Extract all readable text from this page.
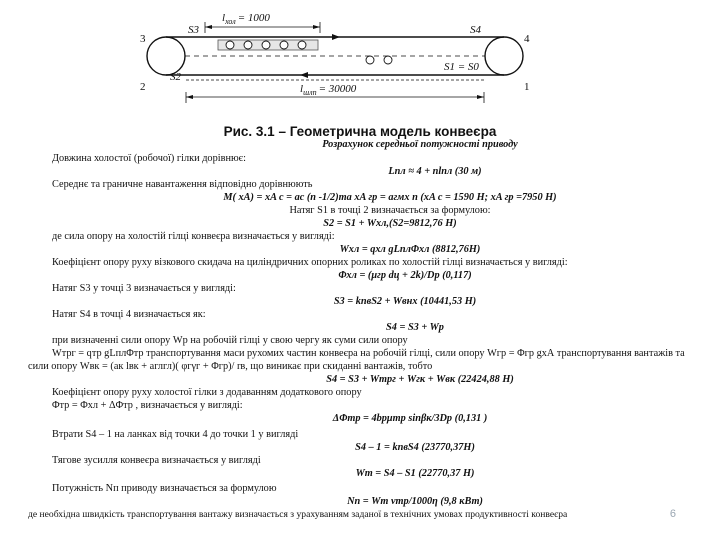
$l_{хол} = 1000$
$l_{шлп} = 30000$
3
2
4
1
S3
S2
S4
S1 = S0
Рис. 3.1 – Геометрична модель конвеєра
Розрахунок середньої потужності приводу
Довжина холостої (робочої) гілки дорівнює:
Lпл ≈ 4 + nlпл (30 м)
Середнє та граничне навантаження відповідно дорівнюють
M( xA) = xA c = ac (n -1/2)та xA гр = aгмх n (xA c = 1590 Н; xA гр =7950 Н)
Натяг S1 в точці 2 визначається за формулою:
S2 = S1 + Wхл,(S2=9812,76 Н)
де сила опору на холостій гілці конвеєра визначається у вигляді:
Wхл = qхл gLплΦхл (8812,76Н)
Коефіцієнт опору руху візкового скидача на циліндричних опорних роликах по холостій гілці визначається у вигляді:
Φхл = (μгр dц + 2k)/Dр (0,117)
Натяг S3 у точці 3 визначається у вигляді:
S3 = kпвS2 + Wвнх (10441,53 Н)
Натяг S4 в точці 4 визначається як:
S4 = S3 + Wр
при визначенні сили опору Wр на робочій гілці у свою чергу як суми сили опору
Wтрг = qтр gLплΦтр транспортування маси рухомих частин конвеєра на робочій гілці, сили опору Wгр = Φгр gxА транспортування вантажів та
сили опору Wвк = (ак lвк + аглгл)( φгγг + Φгр)/ rв, що виникає при скиданні вантажів, тобто
S4 = S3 + Wтрг + Wгк + Wвк (22424,88 Н)
Коефіцієнт опору руху холостої гілки з додаванням додаткового опору
Φтр = Φхл + ΔΦтр , визначається у вигляді:
ΔΦтр = 4bрμтр sinβк/3Dр (0,131 )
Втрати S4 – 1 на ланках від точки 4 до точки 1 у вигляді
S4 – 1 = kпвS4 (23770,37Н)
Тягове зусилля конвеєра визначається у вигляді
Wт = S4 – S1 (22770,37 Н)
Потужність Nп приводу визначається за формулою
Nп = Wт vтр/1000η (9,8 кВт)
де необхідна швидкість транспортування вантажу визначається з урахуванням заданої в технічних умовах продуктивності конвеєра	6
